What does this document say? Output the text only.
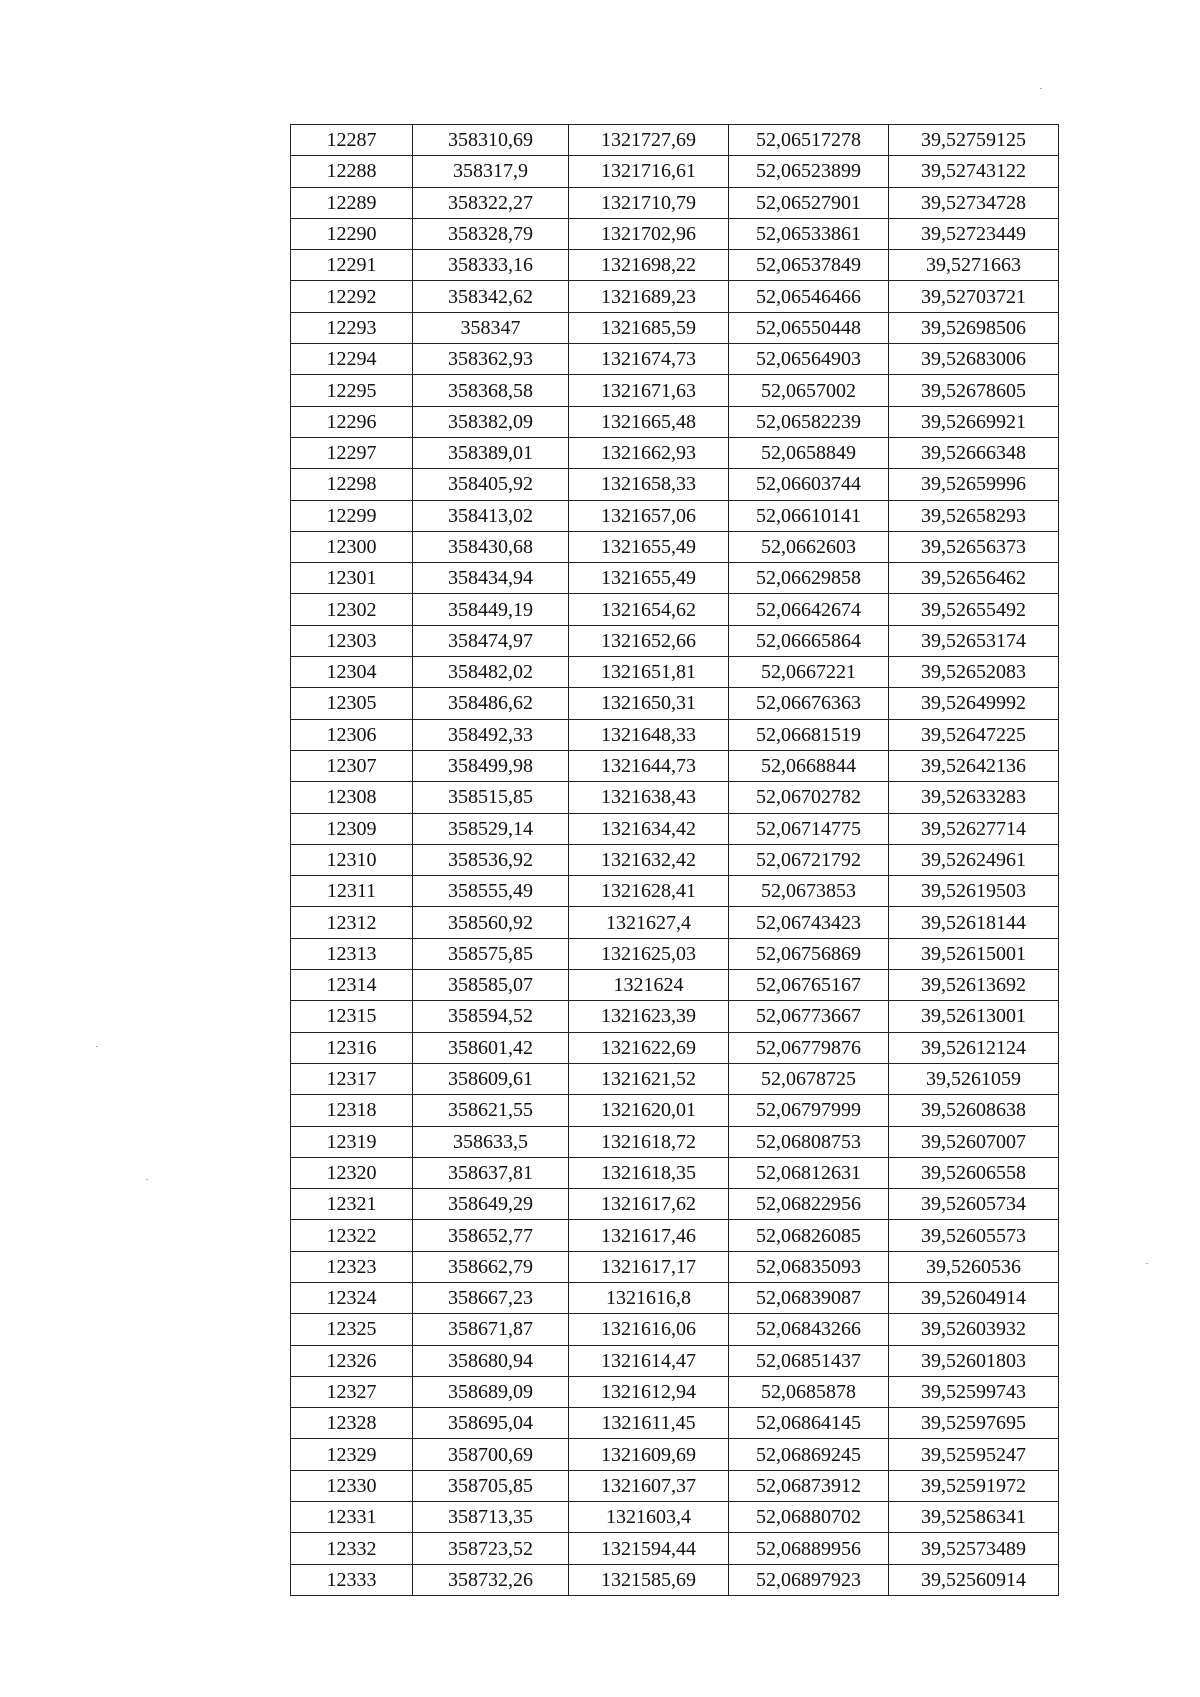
12287	358310,69	1321727,69	52,06517278	39,52759125
12288	358317,9	1321716,61	52,06523899	39,52743122
12289	358322,27	1321710,79	52,06527901	39,52734728
12290	358328,79	1321702,96	52,06533861	39,52723449
12291	358333,16	1321698,22	52,06537849	39,5271663
12292	358342,62	1321689,23	52,06546466	39,52703721
12293	358347	1321685,59	52,06550448	39,52698506
12294	358362,93	1321674,73	52,06564903	39,52683006
12295	358368,58	1321671,63	52,0657002	39,52678605
12296	358382,09	1321665,48	52,06582239	39,52669921
12297	358389,01	1321662,93	52,0658849	39,52666348
12298	358405,92	1321658,33	52,06603744	39,52659996
12299	358413,02	1321657,06	52,06610141	39,52658293
12300	358430,68	1321655,49	52,0662603	39,52656373
12301	358434,94	1321655,49	52,06629858	39,52656462
12302	358449,19	1321654,62	52,06642674	39,52655492
12303	358474,97	1321652,66	52,06665864	39,52653174
12304	358482,02	1321651,81	52,0667221	39,52652083
12305	358486,62	1321650,31	52,06676363	39,52649992
12306	358492,33	1321648,33	52,06681519	39,52647225
12307	358499,98	1321644,73	52,0668844	39,52642136
12308	358515,85	1321638,43	52,06702782	39,52633283
12309	358529,14	1321634,42	52,06714775	39,52627714
12310	358536,92	1321632,42	52,06721792	39,52624961
12311	358555,49	1321628,41	52,0673853	39,52619503
12312	358560,92	1321627,4	52,06743423	39,52618144
12313	358575,85	1321625,03	52,06756869	39,52615001
12314	358585,07	1321624	52,06765167	39,52613692
12315	358594,52	1321623,39	52,06773667	39,52613001
12316	358601,42	1321622,69	52,06779876	39,52612124
12317	358609,61	1321621,52	52,0678725	39,5261059
12318	358621,55	1321620,01	52,06797999	39,52608638
12319	358633,5	1321618,72	52,06808753	39,52607007
12320	358637,81	1321618,35	52,06812631	39,52606558
12321	358649,29	1321617,62	52,06822956	39,52605734
12322	358652,77	1321617,46	52,06826085	39,52605573
12323	358662,79	1321617,17	52,06835093	39,5260536
12324	358667,23	1321616,8	52,06839087	39,52604914
12325	358671,87	1321616,06	52,06843266	39,52603932
12326	358680,94	1321614,47	52,06851437	39,52601803
12327	358689,09	1321612,94	52,0685878	39,52599743
12328	358695,04	1321611,45	52,06864145	39,52597695
12329	358700,69	1321609,69	52,06869245	39,52595247
12330	358705,85	1321607,37	52,06873912	39,52591972
12331	358713,35	1321603,4	52,06880702	39,52586341
12332	358723,52	1321594,44	52,06889956	39,52573489
12333	358732,26	1321585,69	52,06897923	39,52560914
